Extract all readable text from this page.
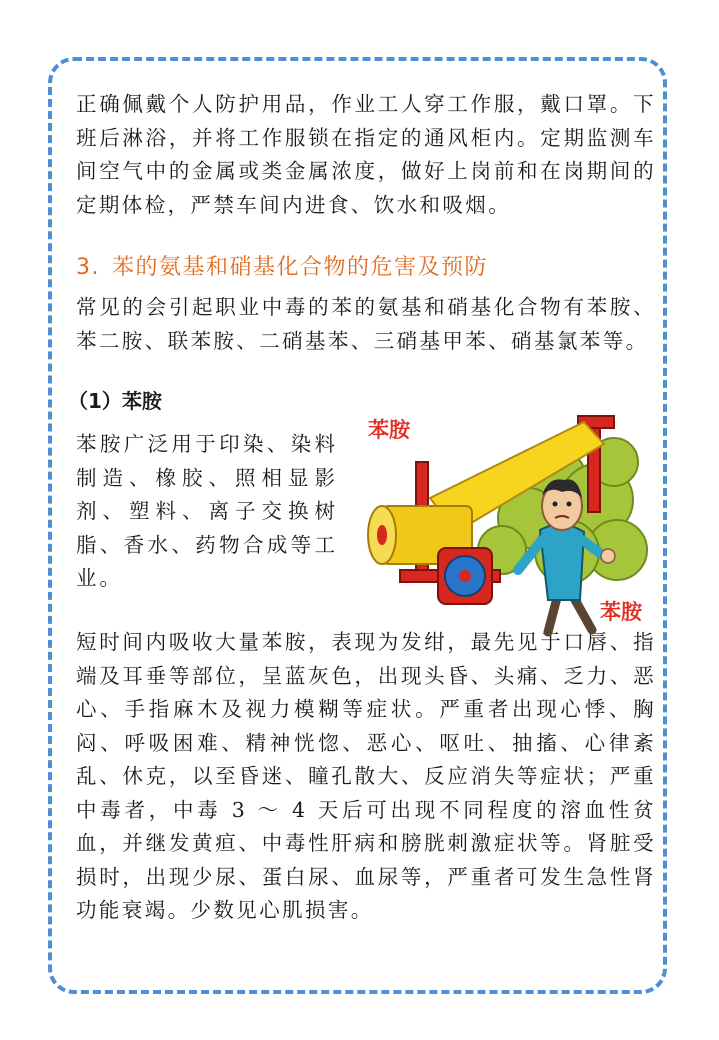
正确佩戴个人防护用品，作业工人穿工作服，戴口罩。下班后淋浴，并将工作服锁在指定的通风柜内。定期监测车间空气中的金属或类金属浓度，做好上岗前和在岗期间的定期体检，严禁车间内进食、饮水和吸烟。

3. 苯的氨基和硝基化合物的危害及预防

常见的会引起职业中毒的苯的氨基和硝基化合物有苯胺、苯二胺、联苯胺、二硝基苯、三硝基甲苯、硝基氯苯等。

（1）苯胺

苯胺广泛用于印染、染料制造、橡胶、照相显影剂、塑料、离子交换树脂、香水、药物合成等工业。

苯胺
苯胺

短时间内吸收大量苯胺，表现为发绀，最先见于口唇、指端及耳垂等部位，呈蓝灰色，出现头昏、头痛、乏力、恶心、手指麻木及视力模糊等症状。严重者出现心悸、胸闷、呼吸困难、精神恍惚、恶心、呕吐、抽搐、心律紊乱、休克，以至昏迷、瞳孔散大、反应消失等症状；严重中毒者，中毒 3 ～ 4 天后可出现不同程度的溶血性贫血，并继发黄疸、中毒性肝病和膀胱刺激症状等。肾脏受损时，出现少尿、蛋白尿、血尿等，严重者可发生急性肾功能衰竭。少数见心肌损害。
